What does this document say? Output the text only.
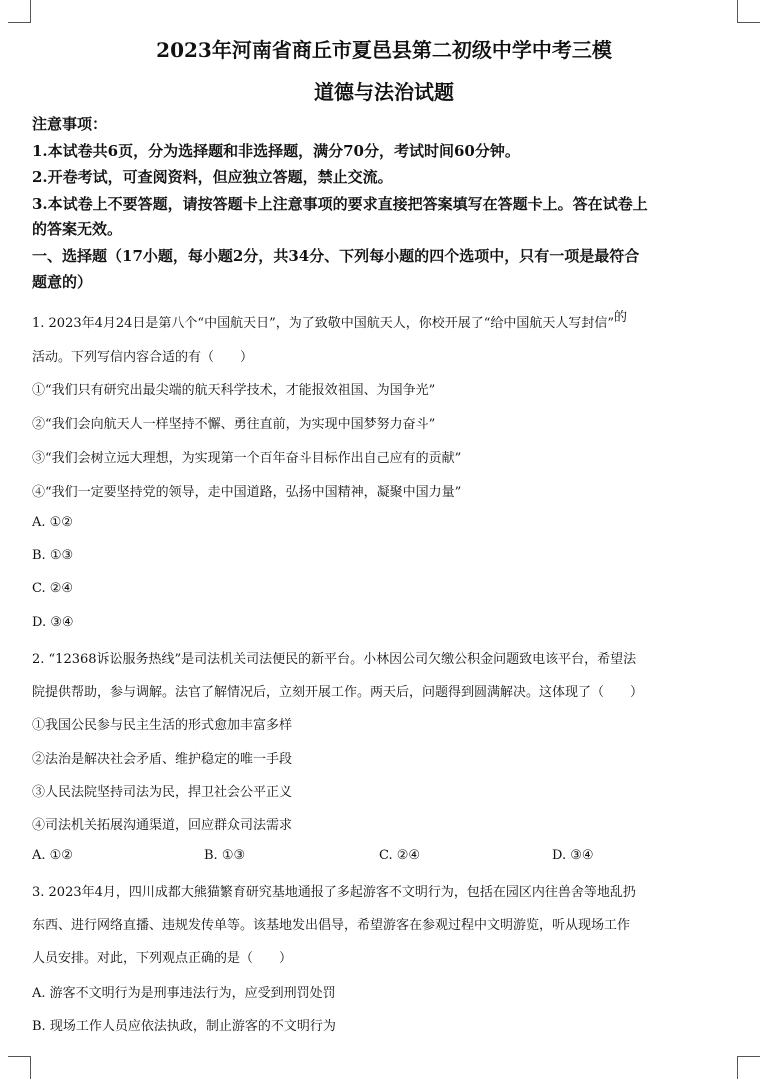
2023年河南省商丘市夏邑县第二初级中学中考三模
道德与法治试题
注意事项：
1.本试卷共6页，分为选择题和非选择题，满分70分，考试时间60分钟。
2.开卷考试，可查阅资料，但应独立答题，禁止交流。
3.本试卷上不要答题，请按答题卡上注意事项的要求直接把答案填写在答题卡上。答在试卷上
的答案无效。
一、选择题（17小题，每小题2分，共34分、下列每小题的四个选项中，只有一项是最符合
题意的）
1. 2023年4月24日是第八个“中国航天日”，为了致敬中国航天人，你校开展了“给中国航天人写封信”的
活动。下列写信内容合适的有（　　）
①“我们只有研究出最尖端的航天科学技术，才能报效祖国、为国争光”
②“我们会向航天人一样坚持不懈、勇往直前，为实现中国梦努力奋斗”
③“我们会树立远大理想，为实现第一个百年奋斗目标作出自己应有的贡献”
④“我们一定要坚持党的领导，走中国道路，弘扬中国精神，凝聚中国力量”
A. ①②
B. ①③
C. ②④
D. ③④
2. “12368诉讼服务热线”是司法机关司法便民的新平台。小林因公司欠缴公积金问题致电该平台，希望法
院提供帮助，参与调解。法官了解情况后，立刻开展工作。两天后，问题得到圆满解决。这体现了（　　）
①我国公民参与民主生活的形式愈加丰富多样
②法治是解决社会矛盾、维护稳定的唯一手段
③人民法院坚持司法为民，捍卫社会公平正义
④司法机关拓展沟通渠道，回应群众司法需求
A. ①②	B. ①③	C. ②④	D. ③④
3. 2023年4月，四川成都大熊猫繁育研究基地通报了多起游客不文明行为，包括在园区内往兽舍等地乱扔
东西、进行网络直播、违规发传单等。该基地发出倡导，希望游客在参观过程中文明游览，听从现场工作
人员安排。对此，下列观点正确的是（　　）
A. 游客不文明行为是刑事违法行为，应受到刑罚处罚
B. 现场工作人员应依法执政，制止游客的不文明行为
